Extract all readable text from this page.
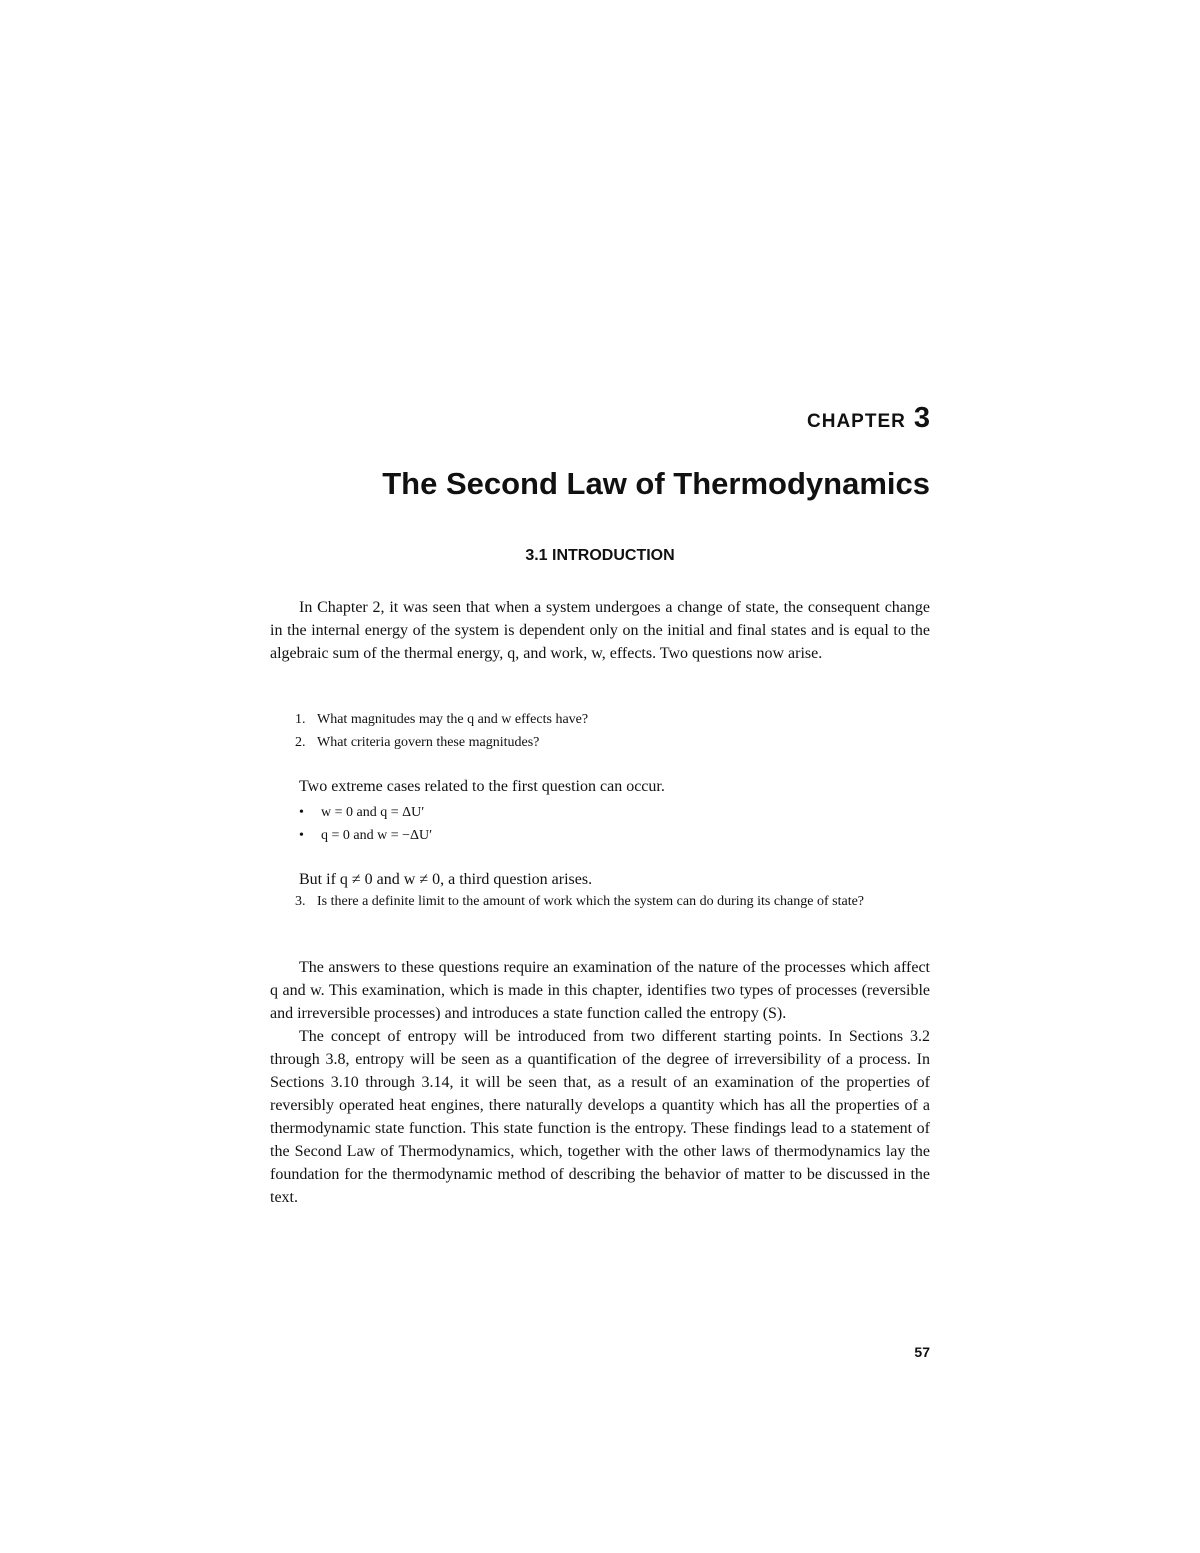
CHAPTER 3
The Second Law of Thermodynamics
3.1 INTRODUCTION

In Chapter 2, it was seen that when a system undergoes a change of state, the consequent change in the internal energy of the system is dependent only on the initial and final states and is equal to the algebraic sum of the thermal energy, q, and work, w, effects. Two questions now arise.

1. What magnitudes may the q and w effects have?
2. What criteria govern these magnitudes?
Two extreme cases related to the first question can occur.
•	w = 0 and q = ΔU′
•	q = 0 and w = −ΔU′
But if q ≠ 0 and w ≠ 0, a third question arises.
3. Is there a definite limit to the amount of work which the system can do during its change of state?

The answers to these questions require an examination of the nature of the processes which affect q and w. This examination, which is made in this chapter, identifies two types of processes (reversible and irreversible processes) and introduces a state function called the entropy (S).

The concept of entropy will be introduced from two different starting points. In Sections 3.2 through 3.8, entropy will be seen as a quantification of the degree of irreversibility of a process. In Sections 3.10 through 3.14, it will be seen that, as a result of an examination of the properties of reversibly operated heat engines, there naturally develops a quantity which has all the properties of a thermodynamic state function. This state function is the entropy. These findings lead to a statement of the Second Law of Thermodynamics, which, together with the other laws of thermodynamics lay the foundation for the thermodynamic method of describing the behavior of matter to be discussed in the text.

57
